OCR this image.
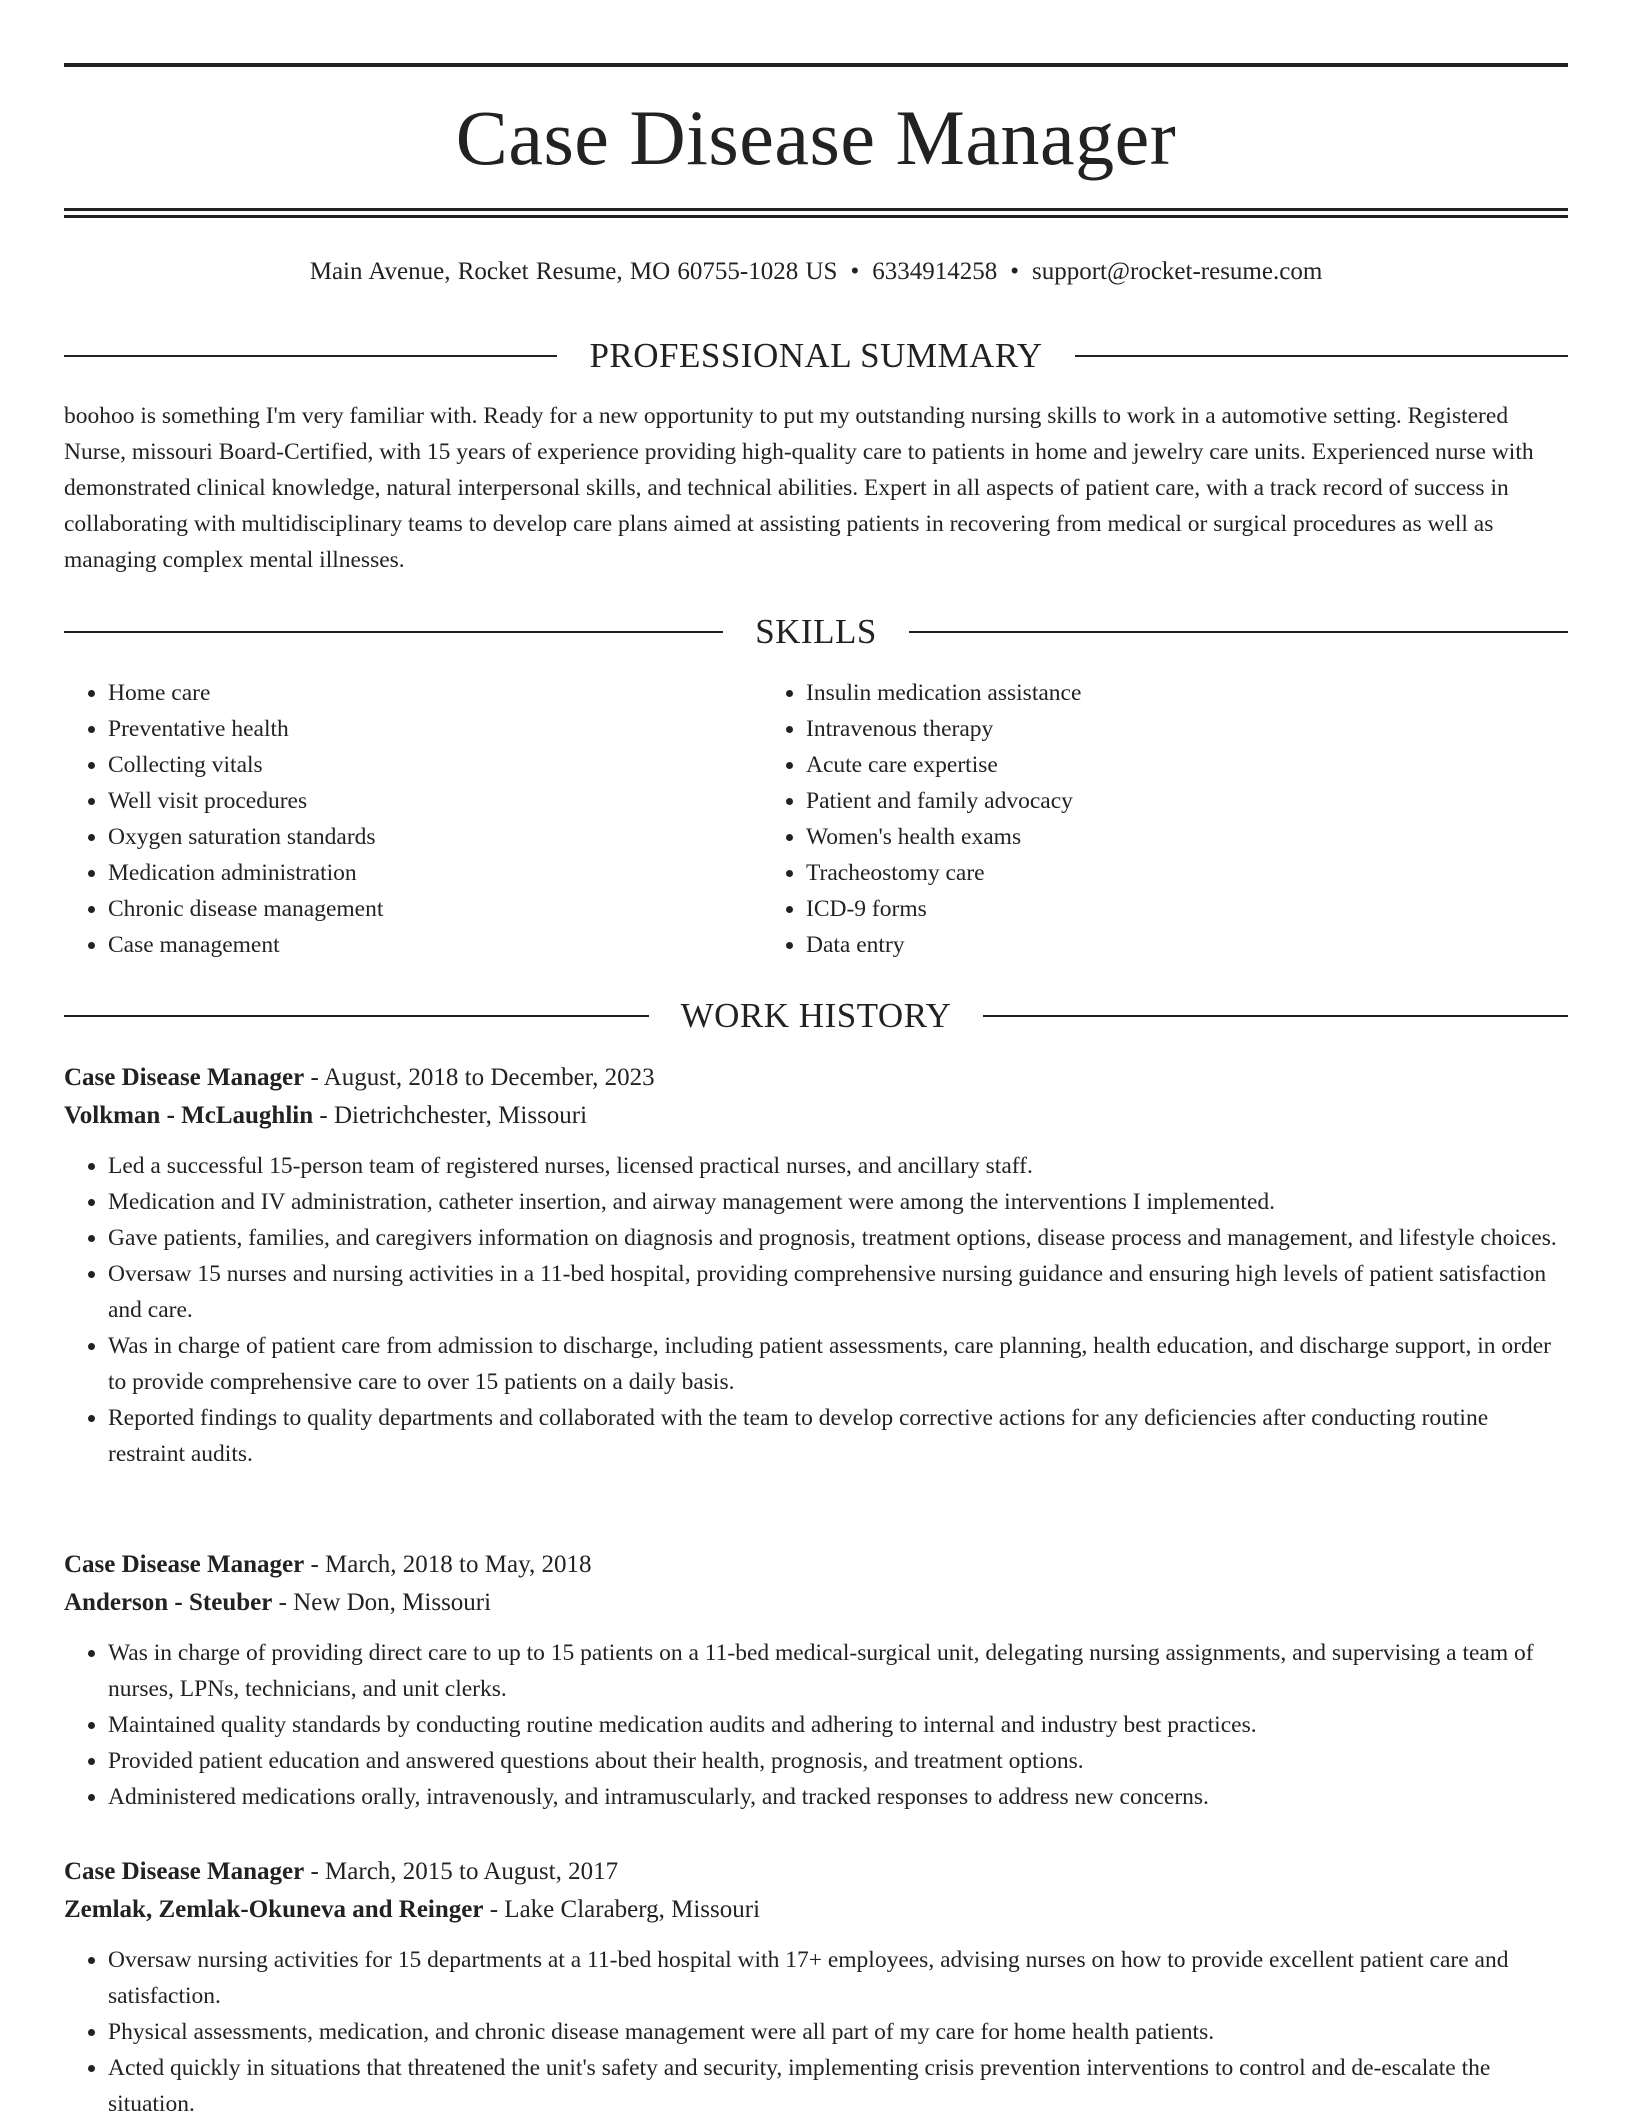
Case Disease Manager
Main Avenue, Rocket Resume, MO 60755-1028 US • 6334914258 • support@rocket-resume.com
PROFESSIONAL SUMMARY

boohoo is something I'm very familiar with. Ready for a new opportunity to put my outstanding nursing skills to work in a automotive setting. Registered Nurse, missouri Board-Certified, with 15 years of experience providing high-quality care to patients in home and jewelry care units. Experienced nurse with demonstrated clinical knowledge, natural interpersonal skills, and technical abilities. Expert in all aspects of patient care, with a track record of success in collaborating with multidisciplinary teams to develop care plans aimed at assisting patients in recovering from medical or surgical procedures as well as managing complex mental illnesses.

SKILLS
• Home care
• Preventative health
• Collecting vitals
• Well visit procedures
• Oxygen saturation standards
• Medication administration
• Chronic disease management
• Case management
• Insulin medication assistance
• Intravenous therapy
• Acute care expertise
• Patient and family advocacy
• Women's health exams
• Tracheostomy care
• ICD-9 forms
• Data entry
WORK HISTORY

Case Disease Manager - August, 2018 to December, 2023

Volkman - McLaughlin - Dietrichchester, Missouri

• Led a successful 15-person team of registered nurses, licensed practical nurses, and ancillary staff.
• Medication and IV administration, catheter insertion, and airway management were among the interventions I implemented.
• Gave patients, families, and caregivers information on diagnosis and prognosis, treatment options, disease process and management, and lifestyle choices.
• Oversaw 15 nurses and nursing activities in a 11-bed hospital, providing comprehensive nursing guidance and ensuring high levels of patient satisfaction and care.
• Was in charge of patient care from admission to discharge, including patient assessments, care planning, health education, and discharge support, in order to provide comprehensive care to over 15 patients on a daily basis.
• Reported findings to quality departments and collaborated with the team to develop corrective actions for any deficiencies after conducting routine restraint audits.

Case Disease Manager - March, 2018 to May, 2018

Anderson - Steuber - New Don, Missouri

• Was in charge of providing direct care to up to 15 patients on a 11-bed medical-surgical unit, delegating nursing assignments, and supervising a team of nurses, LPNs, technicians, and unit clerks.
• Maintained quality standards by conducting routine medication audits and adhering to internal and industry best practices.
• Provided patient education and answered questions about their health, prognosis, and treatment options.
• Administered medications orally, intravenously, and intramuscularly, and tracked responses to address new concerns.

Case Disease Manager - March, 2015 to August, 2017

Zemlak, Zemlak-Okuneva and Reinger - Lake Claraberg, Missouri

• Oversaw nursing activities for 15 departments at a 11-bed hospital with 17+ employees, advising nurses on how to provide excellent patient care and satisfaction.
• Physical assessments, medication, and chronic disease management were all part of my care for home health patients.
• Acted quickly in situations that threatened the unit's safety and security, implementing crisis prevention interventions to control and de-escalate the situation.
